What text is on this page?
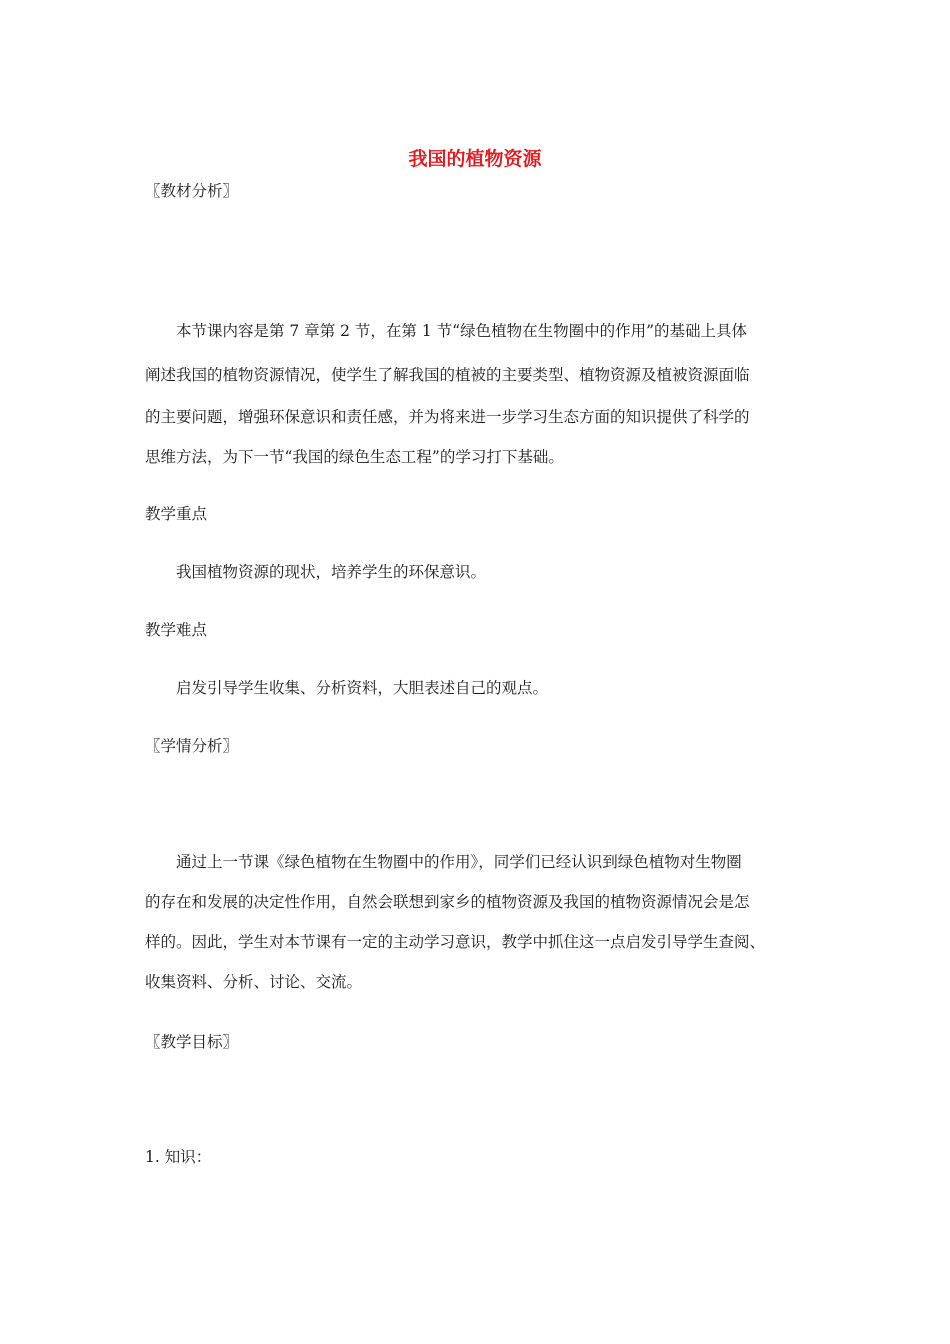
我国的植物资源
〖教材分析〗
本节课内容是第 7 章第 2 节，在第 1 节“绿色植物在生物圈中的作用”的基础上具体
阐述我国的植物资源情况，使学生了解我国的植被的主要类型、植物资源及植被资源面临
的主要问题，增强环保意识和责任感，并为将来进一步学习生态方面的知识提供了科学的
思维方法，为下一节“我国的绿色生态工程”的学习打下基础。
教学重点
我国植物资源的现状，培养学生的环保意识。
教学难点
启发引导学生收集、分析资料，大胆表述自己的观点。
〖学情分析〗
通过上一节课《绿色植物在生物圈中的作用》，同学们已经认识到绿色植物对生物圈
的存在和发展的决定性作用，自然会联想到家乡的植物资源及我国的植物资源情况会是怎
样的。因此，学生对本节课有一定的主动学习意识，教学中抓住这一点启发引导学生查阅、
收集资料、分析、讨论、交流。
〖教学目标〗
1. 知识：
